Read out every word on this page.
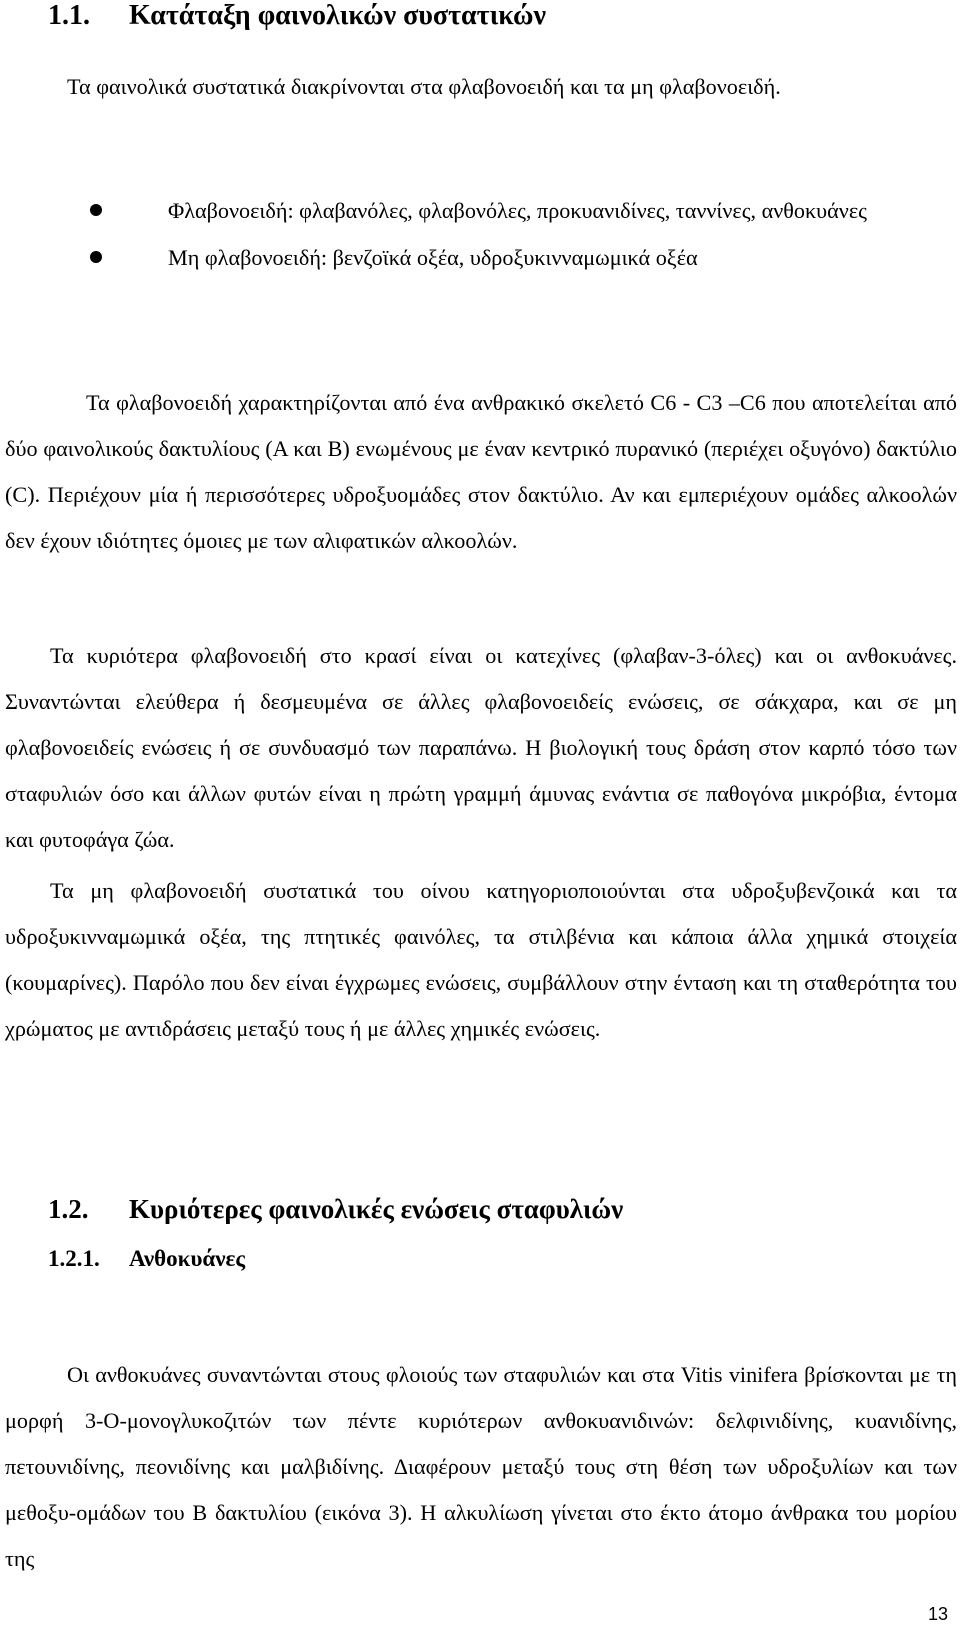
1.1. Κατάταξη φαινολικών συστατικών

Τα φαινολικά συστατικά διακρίνονται στα φλαβονοειδή και τα μη φλαβονοειδή.

Φλαβονοειδή: φλαβανόλες, φλαβονόλες, προκυανιδίνες, ταννίνες, ανθοκυάνες
Μη φλαβονοειδή: βενζοϊκά οξέα, υδροξυκινναμωμικά οξέα

Τα φλαβονοειδή χαρακτηρίζονται από ένα ανθρακικό σκελετό C6 - C3 –C6 που αποτελείται από δύο φαινολικούς δακτυλίους (A και B) ενωμένους με έναν κεντρικό πυρανικό (περιέχει οξυγόνο) δακτύλιο (C). Περιέχουν μία ή περισσότερες υδροξυομάδες στον δακτύλιο. Αν και εμπεριέχουν ομάδες αλκοολών δεν έχουν ιδιότητες όμοιες με των αλιφατικών αλκοολών.

Τα κυριότερα φλαβονοειδή στο κρασί είναι οι κατεχίνες (φλαβαν-3-όλες) και οι ανθοκυάνες. Συναντώνται ελεύθερα ή δεσμευμένα σε άλλες φλαβονοειδείς ενώσεις, σε σάκχαρα, και σε μη φλαβονοειδείς ενώσεις ή σε συνδυασμό των παραπάνω. Η βιολογική τους δράση στον καρπό τόσο των σταφυλιών όσο και άλλων φυτών είναι η πρώτη γραμμή άμυνας ενάντια σε παθογόνα μικρόβια, έντομα και φυτοφάγα ζώα.

Τα μη φλαβονοειδή συστατικά του οίνου κατηγοριοποιούνται στα υδροξυβενζοικά και τα υδροξυκινναμωμικά οξέα, της πτητικές φαινόλες, τα στιλβένια και κάποια άλλα χημικά στοιχεία (κουμαρίνες). Παρόλο που δεν είναι έγχρωμες ενώσεις, συμβάλλουν στην ένταση και τη σταθερότητα του χρώματος με αντιδράσεις μεταξύ τους ή με άλλες χημικές ενώσεις.

1.2. Κυριότερες φαινολικές ενώσεις σταφυλιών
1.2.1. Ανθοκυάνες

Οι ανθοκυάνες συναντώνται στους φλοιούς των σταφυλιών και στα Vitis vinifera βρίσκονται με τη μορφή 3-O-μονογλυκοζιτών των πέντε κυριότερων ανθοκυανιδινών: δελφινιδίνης, κυανιδίνης, πετουνιδίνης, πεονιδίνης και μαλβιδίνης. Διαφέρουν μεταξύ τους στη θέση των υδροξυλίων και των μεθοξυ-ομάδων του B δακτυλίου (εικόνα 3). Η αλκυλίωση γίνεται στο έκτο άτομο άνθρακα του μορίου της

13
